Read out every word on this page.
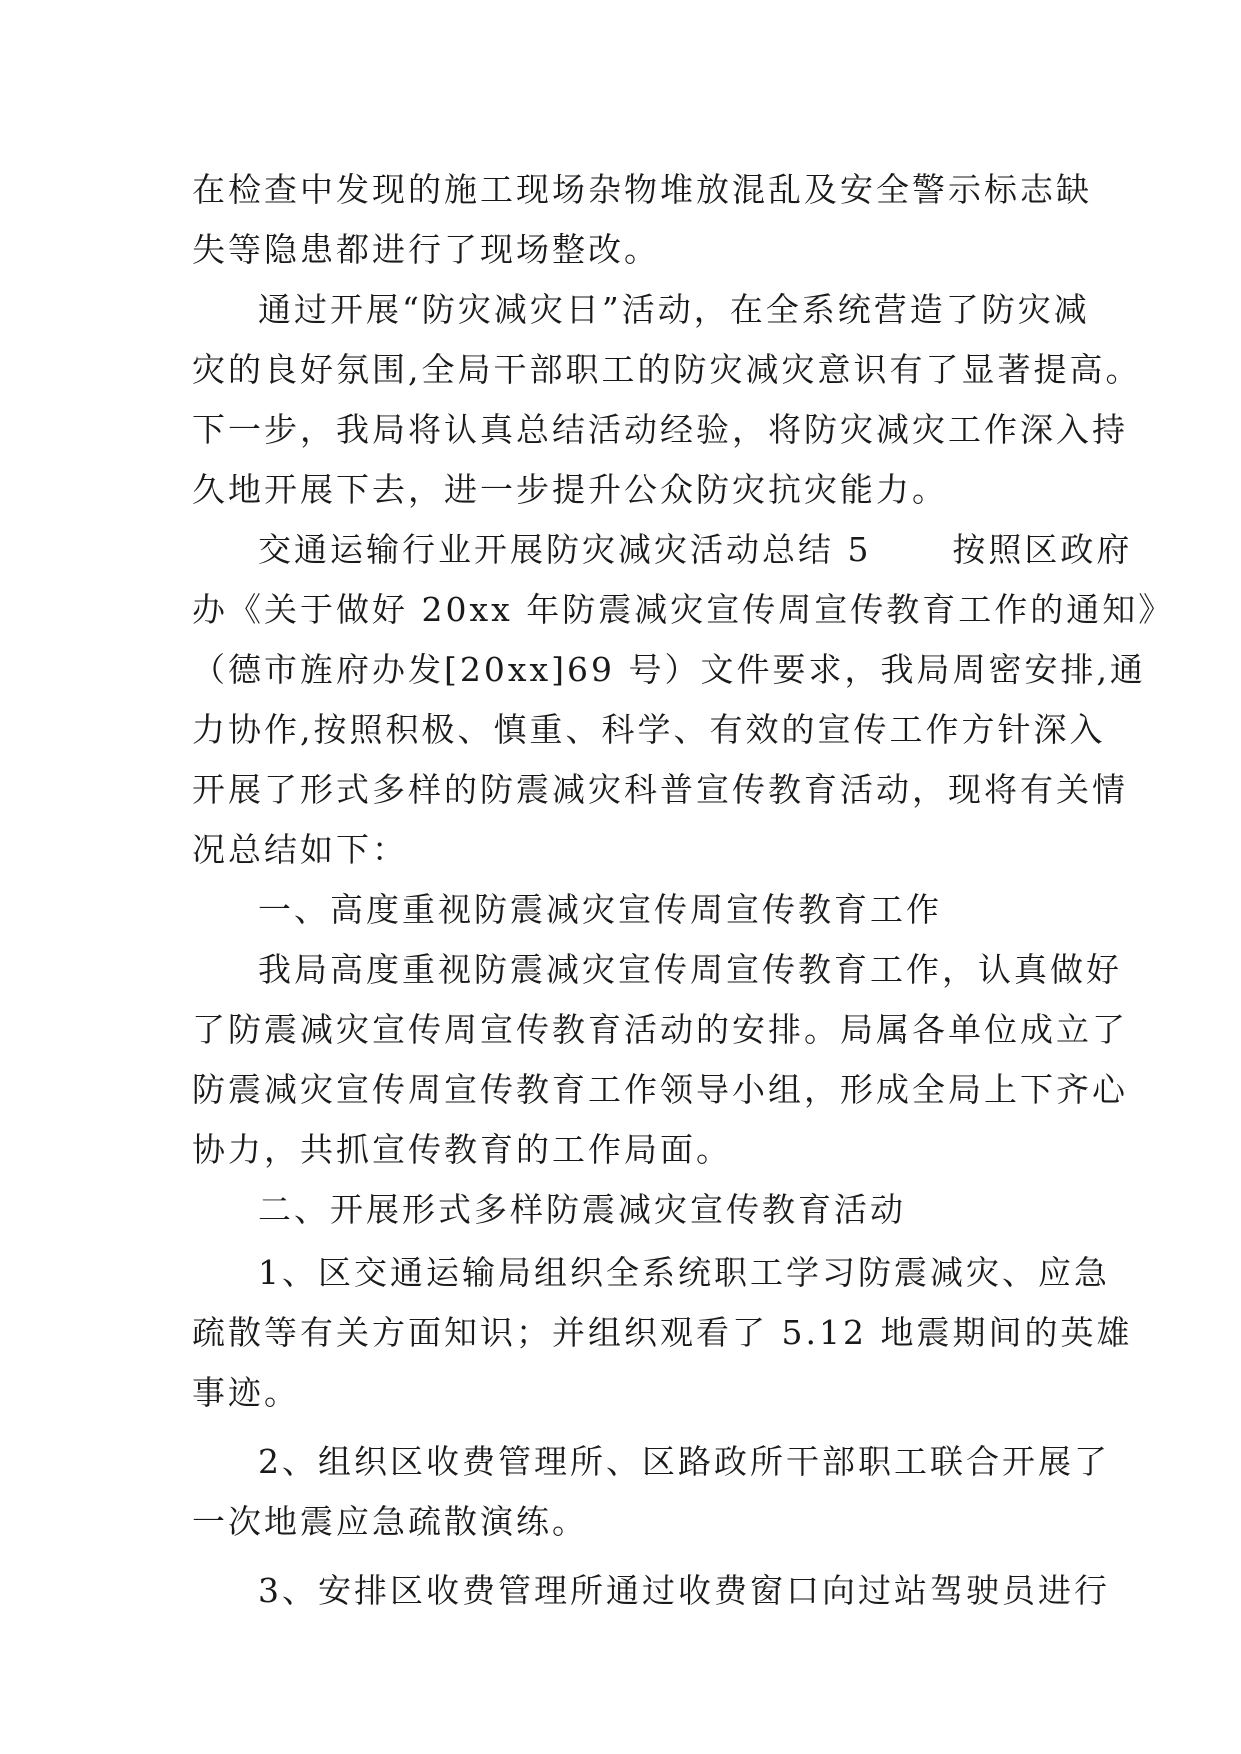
在检查中发现的施工现场杂物堆放混乱及安全警示标志缺
失等隐患都进行了现场整改。
通过开展“防灾减灾日”活动，在全系统营造了防灾减
灾的良好氛围,全局干部职工的防灾减灾意识有了显著提高。
下一步，我局将认真总结活动经验，将防灾减灾工作深入持
久地开展下去，进一步提升公众防灾抗灾能力。
交通运输行业开展防灾减灾活动总结 5      按照区政府
办《关于做好 20xx 年防震减灾宣传周宣传教育工作的通知》
（德市旌府办发[20xx]69 号）文件要求，我局周密安排,通
力协作,按照积极、慎重、科学、有效的宣传工作方针深入
开展了形式多样的防震减灾科普宣传教育活动，现将有关情
况总结如下：
一、高度重视防震减灾宣传周宣传教育工作
我局高度重视防震减灾宣传周宣传教育工作，认真做好
了防震减灾宣传周宣传教育活动的安排。局属各单位成立了
防震减灾宣传周宣传教育工作领导小组，形成全局上下齐心
协力，共抓宣传教育的工作局面。
二、开展形式多样防震减灾宣传教育活动
1、区交通运输局组织全系统职工学习防震减灾、应急
疏散等有关方面知识；并组织观看了 5.12 地震期间的英雄
事迹。
2、组织区收费管理所、区路政所干部职工联合开展了
一次地震应急疏散演练。
3、安排区收费管理所通过收费窗口向过站驾驶员进行
